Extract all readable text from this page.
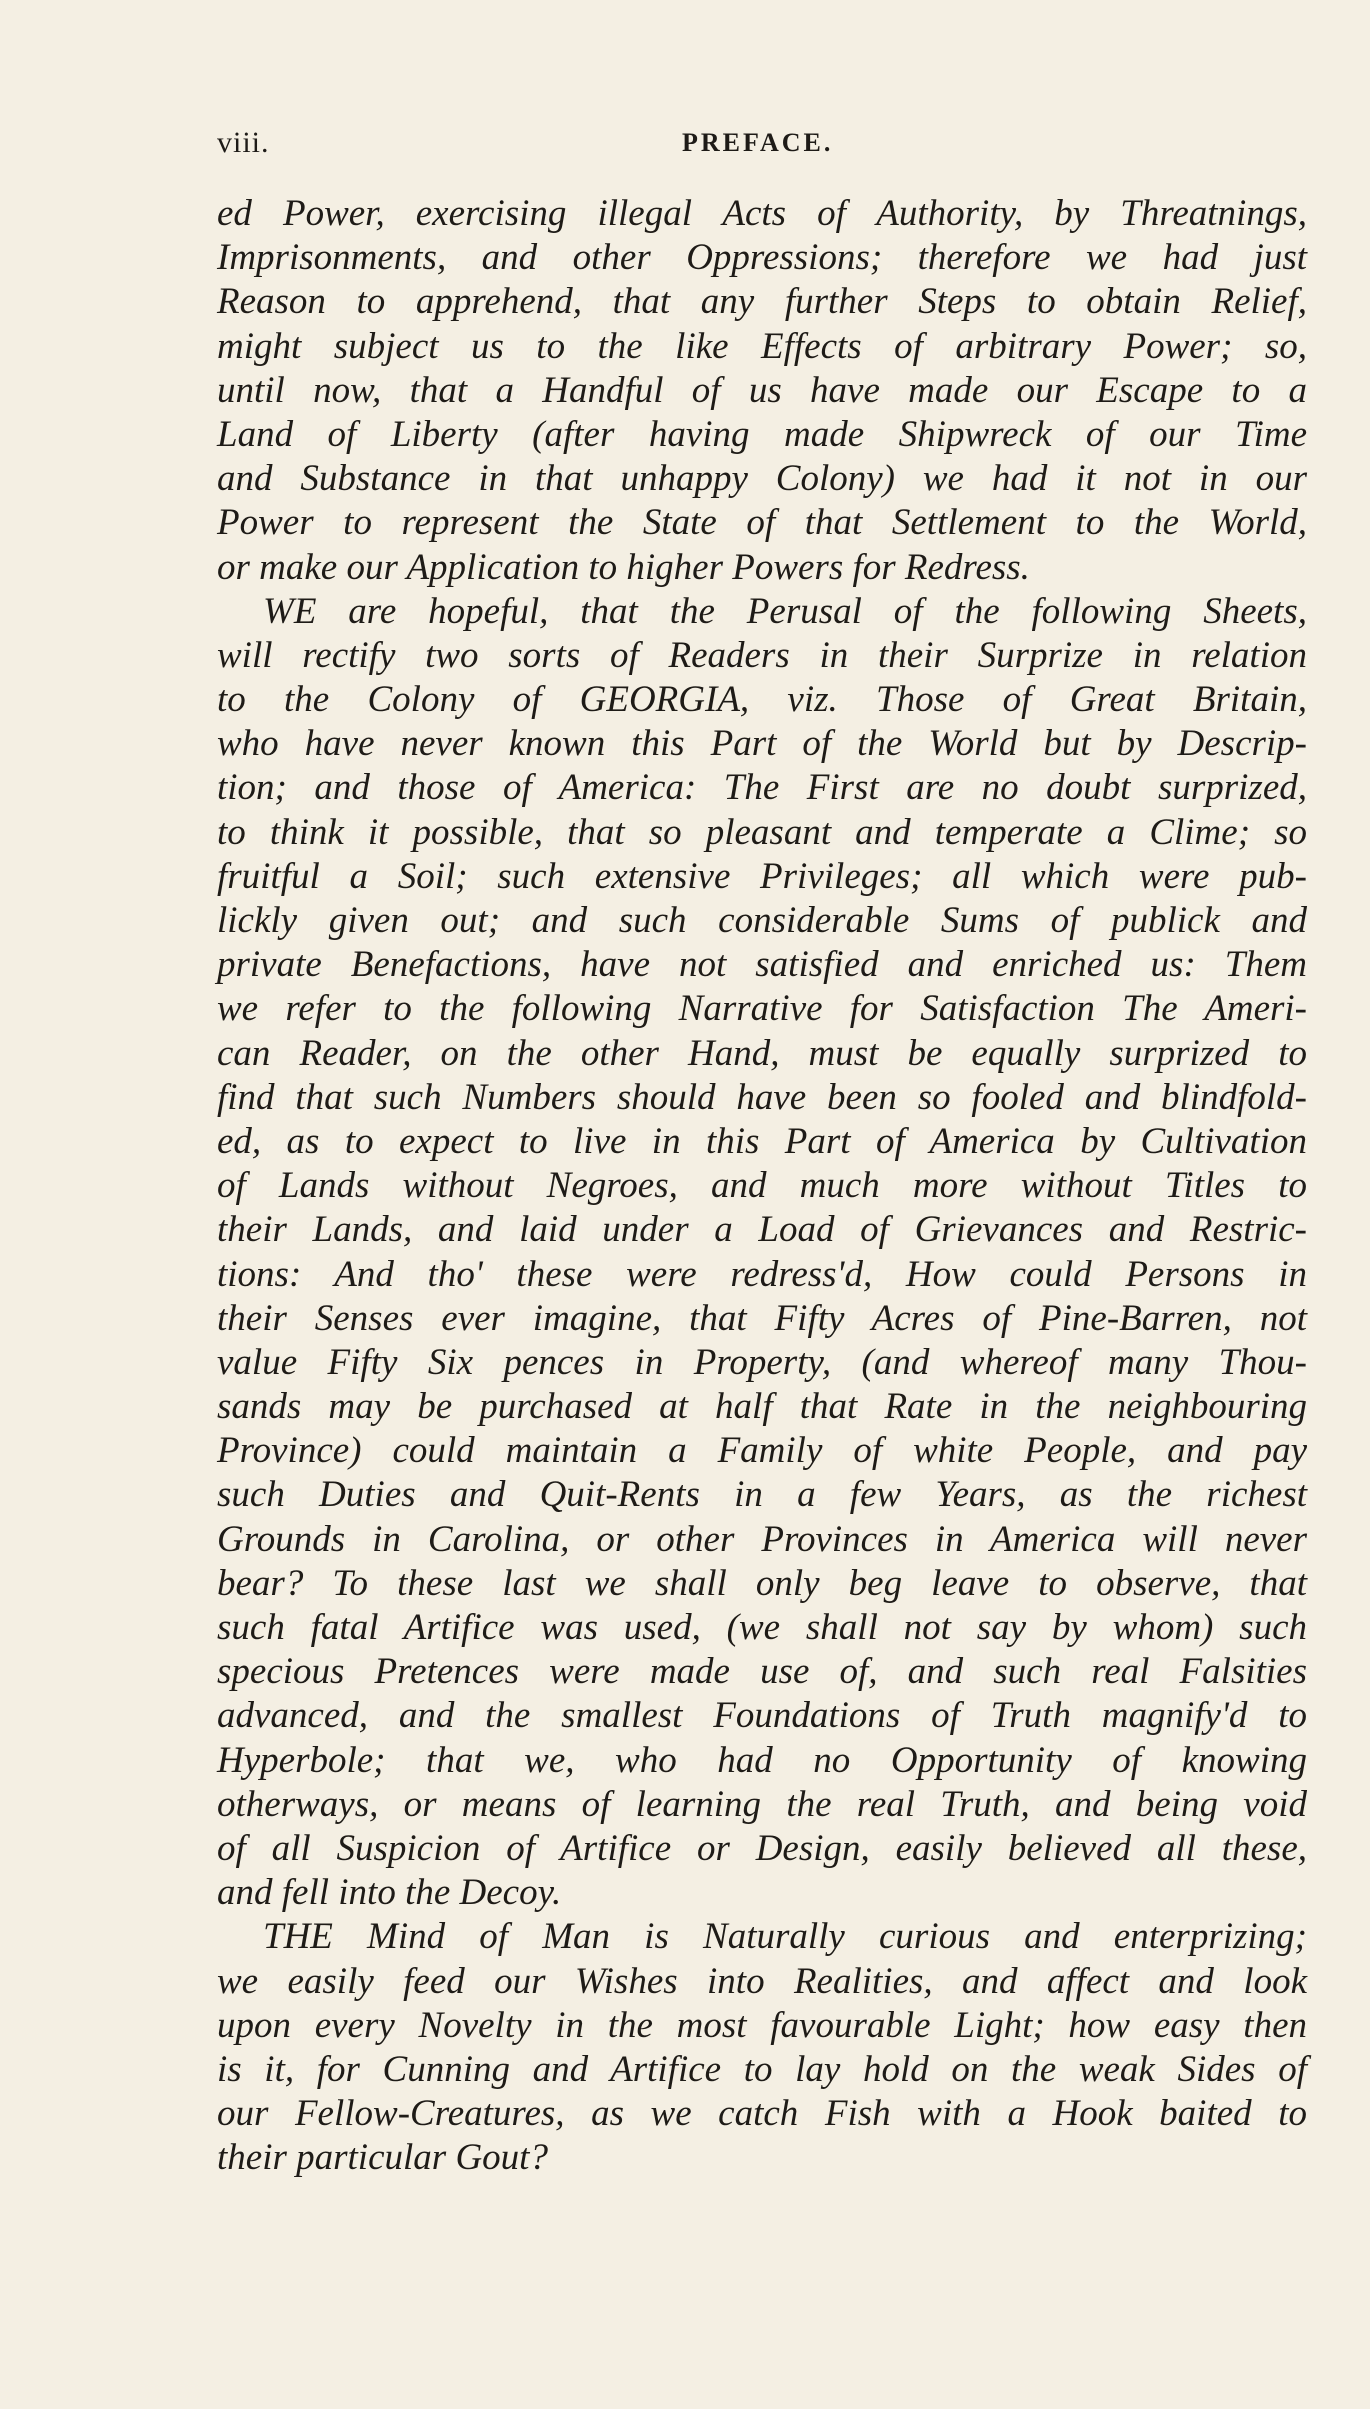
viii.	PREFACE.
ed Power, exercising illegal Acts of Authority, by Threatnings,
Imprisonments, and other Oppressions; therefore we had just
Reason to apprehend, that any further Steps to obtain Relief,
might subject us to the like Effects of arbitrary Power; so,
until now, that a Handful of us have made our Escape to a
Land of Liberty (after having made Shipwreck of our Time
and Substance in that unhappy Colony) we had it not in our
Power to represent the State of that Settlement to the World,
or make our Application to higher Powers for Redress.
WE are hopeful, that the Perusal of the following Sheets,
will rectify two sorts of Readers in their Surprize in relation
to the Colony of GEORGIA, viz. Those of Great Britain,
who have never known this Part of the World but by Descrip-
tion; and those of America: The First are no doubt surprized,
to think it possible, that so pleasant and temperate a Clime; so
fruitful a Soil; such extensive Privileges; all which were pub-
lickly given out; and such considerable Sums of publick and
private Benefactions, have not satisfied and enriched us: Them
we refer to the following Narrative for Satisfaction The Ameri-
can Reader, on the other Hand, must be equally surprized to
find that such Numbers should have been so fooled and blindfold-
ed, as to expect to live in this Part of America by Cultivation
of Lands without Negroes, and much more without Titles to
their Lands, and laid under a Load of Grievances and Restric-
tions: And tho' these were redress'd, How could Persons in
their Senses ever imagine, that Fifty Acres of Pine-Barren, not
value Fifty Six pences in Property, (and whereof many Thou-
sands may be purchased at half that Rate in the neighbouring
Province) could maintain a Family of white People, and pay
such Duties and Quit-Rents in a few Years, as the richest
Grounds in Carolina, or other Provinces in America will never
bear? To these last we shall only beg leave to observe, that
such fatal Artifice was used, (we shall not say by whom) such
specious Pretences were made use of, and such real Falsities
advanced, and the smallest Foundations of Truth magnify'd to
Hyperbole; that we, who had no Opportunity of knowing
otherways, or means of learning the real Truth, and being void
of all Suspicion of Artifice or Design, easily believed all these,
and fell into the Decoy.
THE Mind of Man is Naturally curious and enterprizing;
we easily feed our Wishes into Realities, and affect and look
upon every Novelty in the most favourable Light; how easy then
is it, for Cunning and Artifice to lay hold on the weak Sides of
our Fellow-Creatures, as we catch Fish with a Hook baited to
their particular Gout?
